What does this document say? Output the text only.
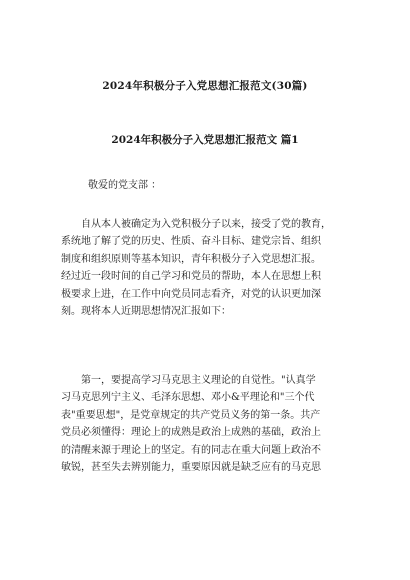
2024年积极分子入党思想汇报范文(30篇)
2024年积极分子入党思想汇报范文 篇1
敬爱的党支部 ：

　　自从本人被确定为入党积极分子以来，接受了党的教育，
系统地了解了党的历史、性质、奋斗目标、建党宗旨、组织
制度和组织原则等基本知识，青年积极分子入党思想汇报。
经过近一段时间的自己学习和党员的帮助，本人在思想上积
极要求上进，在工作中向党员同志看齐，对党的认识更加深
刻。现将本人近期思想情况汇报如下：

　　第一，要提高学习马克思主义理论的自觉性。"认真学
习马克思列宁主义、毛泽东思想、邓小&平理论和"三个代
表"重要思想"，是党章规定的共产党员义务的第一条。共产
党员必须懂得：理论上的成熟是政治上成熟的基础，政治上
的清醒来源于理论上的坚定。有的同志在重大问题上政治不
敏锐，甚至失去辨别能力，重要原因就是缺乏应有的马克思
